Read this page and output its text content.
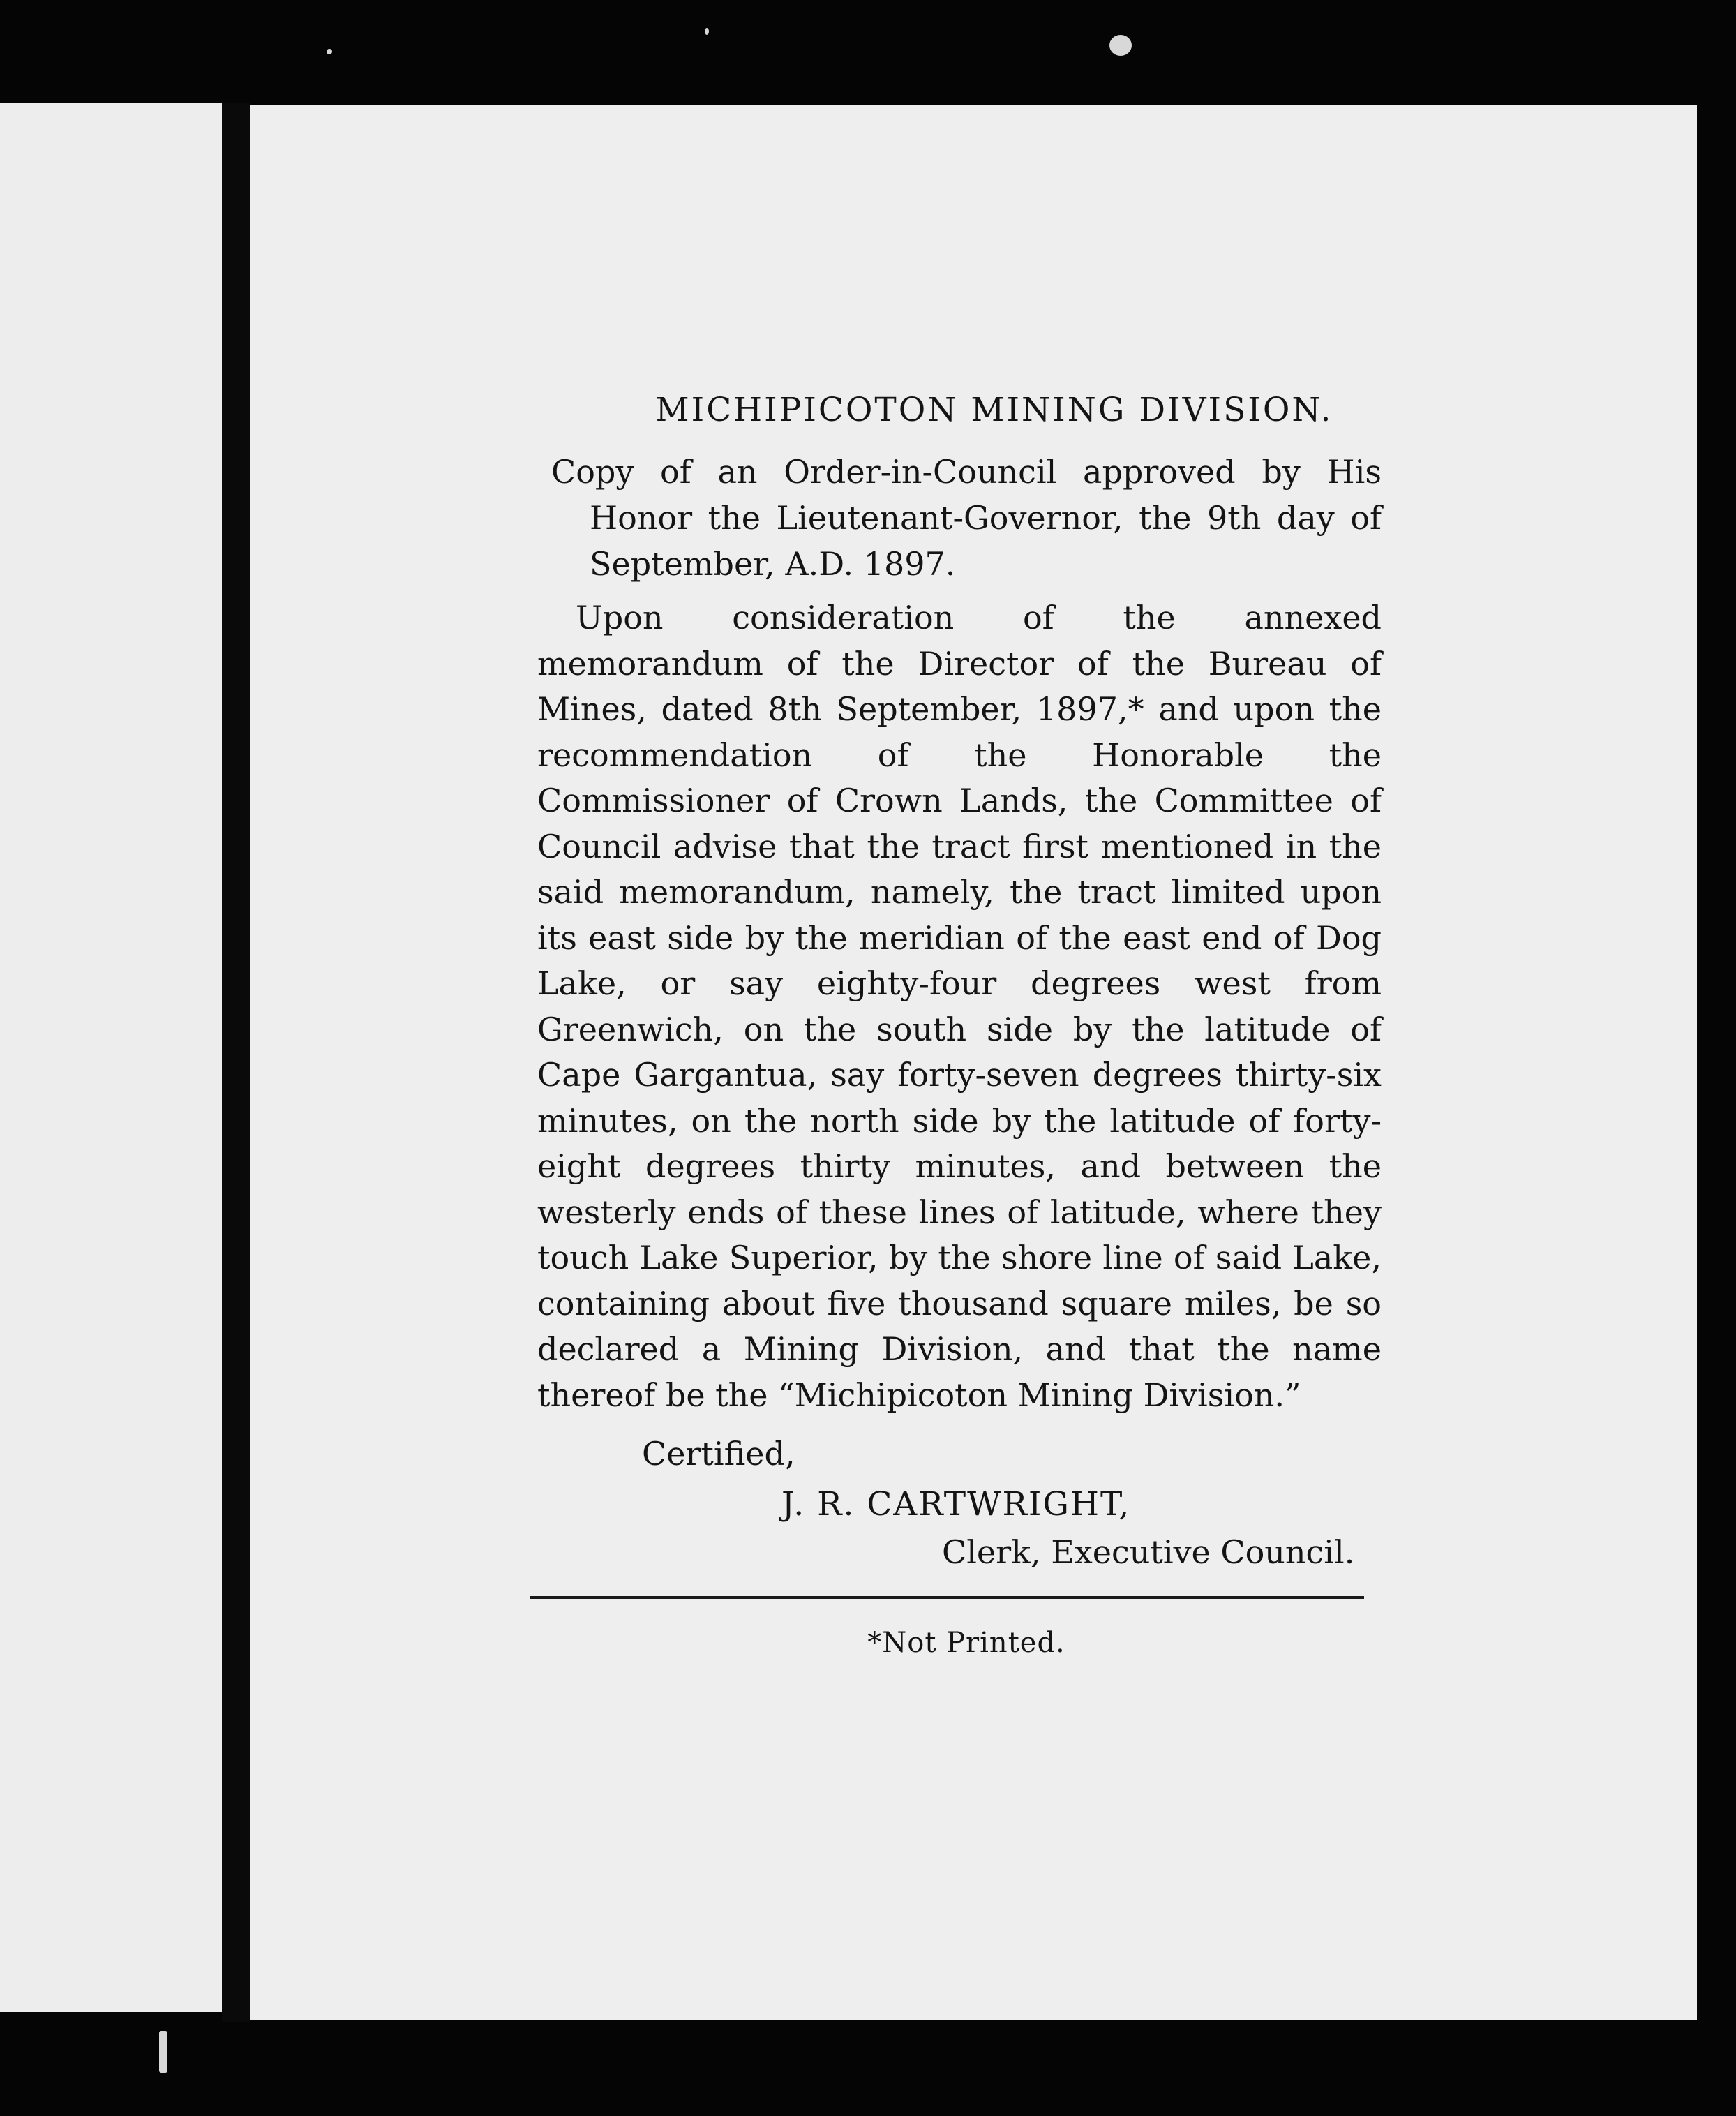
MICHIPICOTON MINING DIVISION.

Copy of an Order-in-Council approved by His Honor the Lieutenant-Governor, the 9th day of September, A.D. 1897.

Upon consideration of the annexed memorandum of the Director of the Bureau of Mines, dated 8th September, 1897,* and upon the recommendation of the Honorable the Commissioner of Crown Lands, the Committee of Council advise that the tract first mentioned in the said memorandum, namely, the tract limited upon its east side by the meridian of the east end of Dog Lake, or say eighty-four degrees west from Greenwich, on the south side by the latitude of Cape Gargantua, say forty-seven degrees thirty-six minutes, on the north side by the latitude of forty-eight degrees thirty minutes, and between the westerly ends of these lines of latitude, where they touch Lake Superior, by the shore line of said Lake, containing about five thousand square miles, be so declared a Mining Division, and that the name thereof be the “Michipicoton Mining Division.”

Certified,
J. R. CARTWRIGHT,
Clerk, Executive Council.
*Not Printed.
